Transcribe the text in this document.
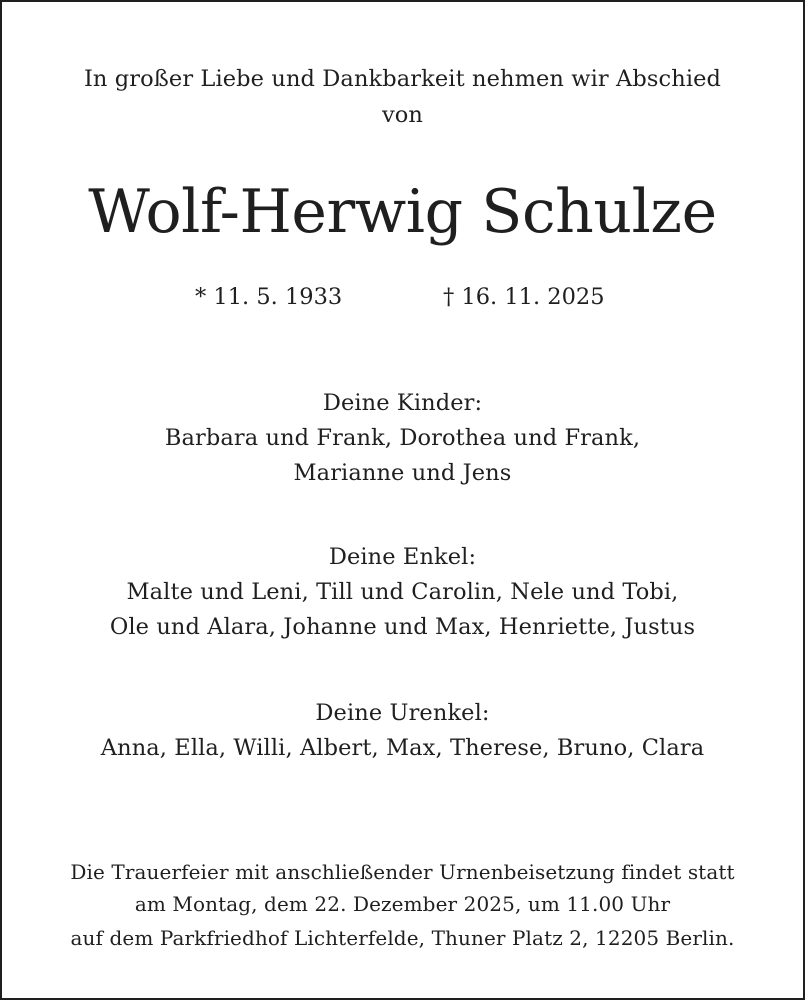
In großer Liebe und Dankbarkeit nehmen wir Abschied
von
Wolf-Herwig Schulze
* 11. 5. 1933	† 16. 11. 2025
Deine Kinder:
Barbara und Frank, Dorothea und Frank,
Marianne und Jens
Deine Enkel:
Malte und Leni, Till und Carolin, Nele und Tobi,
Ole und Alara, Johanne und Max, Henriette, Justus
Deine Urenkel:
Anna, Ella, Willi, Albert, Max, Therese, Bruno, Clara
Die Trauerfeier mit anschließender Urnenbeisetzung findet statt
am Montag, dem 22. Dezember 2025, um 11.00 Uhr
auf dem Parkfriedhof Lichterfelde, Thuner Platz 2, 12205 Berlin.
